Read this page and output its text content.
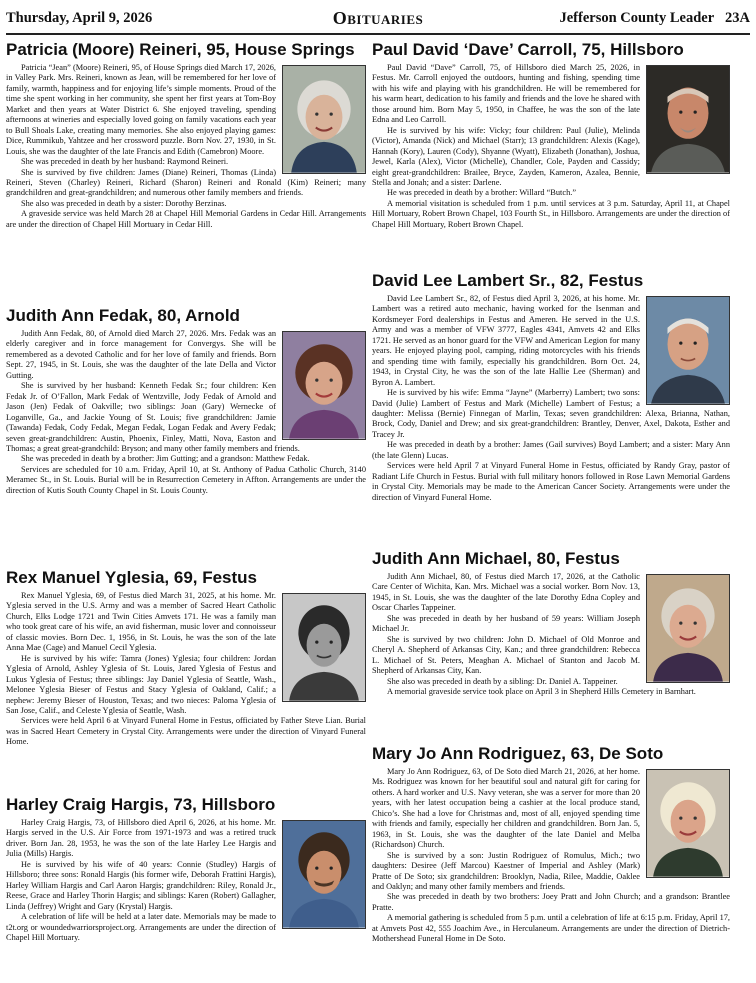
Thursday, April 9, 2026	Obituaries	Jefferson County Leader 23A
Patricia (Moore) Reineri, 95, House Springs

Patricia “Jean” (Moore) Reineri, 95, of House Springs died March 17, 2026, in Valley Park. Mrs. Reineri, known as Jean, will be remembered for her love of family, warmth, happiness and for enjoying life’s simple moments. Proud of the time she spent working in her community, she spent her first years at Tom-Boy Market and then years at Water District 6. She enjoyed traveling, spending afternoons at wineries and especially loved going on family vacations each year to Bull Shoals Lake, creating many memories. She also enjoyed playing games: Dice, Rummikub, Yahtzee and her crossword puzzle. Born Nov. 27, 1930, in St. Louis, she was the daughter of the late Francis and Edith (Camebron) Moore.

She was preceded in death by her husband: Raymond Reineri.

She is survived by five children: James (Diane) Reineri, Thomas (Linda) Reineri, Steven (Charley) Reineri, Richard (Sharon) Reineri and Ronald (Kim) Reineri; many grandchildren and great-grandchildren; and numerous other family members and friends.

She also was preceded in death by a sister: Dorothy Berzinas.

A graveside service was held March 28 at Chapel Hill Memorial Gardens in Cedar Hill. Arrangements are under the direction of Chapel Hill Mortuary in Cedar Hill.

Judith Ann Fedak, 80, Arnold

Judith Ann Fedak, 80, of Arnold died March 27, 2026. Mrs. Fedak was an elderly caregiver and in force management for Convergys. She will be remembered as a devoted Catholic and for her love of family and friends. Born Sept. 27, 1945, in St. Louis, she was the daughter of the late Della and Victor Gutting.

She is survived by her husband: Kenneth Fedak Sr.; four children: Ken Fedak Jr. of O’Fallon, Mark Fedak of Wentzville, Jody Fedak of Arnold and Jason (Jen) Fedak of Oakville; two siblings: Joan (Gary) Wernecke of Loganville, Ga., and Jackie Young of St. Louis; five grandchildren: Jamie (Tawanda) Fedak, Cody Fedak, Megan Fedak, Logan Fedak and Avery Fedak; seven great-grandchildren: Austin, Phoenix, Finley, Matti, Nova, Easton and Thomas; a great great-grandchild: Bryson; and many other family members and friends.

She was preceded in death by a brother: Jim Gutting; and a grandson: Matthew Fedak.

Services are scheduled for 10 a.m. Friday, April 10, at St. Anthony of Padua Catholic Church, 3140 Meramec St., in St. Louis. Burial will be in Resurrection Cemetery in Affton. Arrangements are under the direction of Kutis South County Chapel in St. Louis County.

Rex Manuel Yglesia, 69, Festus

Rex Manuel Yglesia, 69, of Festus died March 31, 2025, at his home. Mr. Yglesia served in the U.S. Army and was a member of Sacred Heart Catholic Church, Elks Lodge 1721 and Twin Cities Amvets 171. He was a family man who took great care of his wife, an avid fisherman, music lover and connoisseur of classic movies. Born Dec. 1, 1956, in St. Louis, he was the son of the late Anna Mae (Cage) and Manuel Cecil Yglesia.

He is survived by his wife: Tamra (Jones) Yglesia; four children: Jordan Yglesia of Arnold, Ashley Yglesia of St. Louis, Jared Yglesia of Festus and Lukus Yglesia of Festus; three siblings: Jay Daniel Yglesia of Seattle, Wash., Melonee Yglesia Bieser of Festus and Stacy Yglesia of Oakland, Calif.; a nephew: Jeremy Bieser of Houston, Texas; and two nieces: Paloma Yglesia of San Jose, Calif., and Celeste Yglesia of Seattle, Wash.

Services were held April 6 at Vinyard Funeral Home in Festus, officiated by Father Steve Lian. Burial was in Sacred Heart Cemetery in Crystal City. Arrangements were under the direction of Vinyard Funeral Home.

Harley Craig Hargis, 73, Hillsboro

Harley Craig Hargis, 73, of Hillsboro died April 6, 2026, at his home. Mr. Hargis served in the U.S. Air Force from 1971-1973 and was a retired truck driver. Born Jan. 28, 1953, he was the son of the late Harley Lee Hargis and Julia (Mills) Hargis.

He is survived by his wife of 40 years: Connie (Studley) Hargis of Hillsboro; three sons: Ronald Hargis (his former wife, Deborah Frattini Hargis), Harley William Hargis and Carl Aaron Hargis; grandchildren: Riley, Ronald Jr., Reese, Grace and Harley Thorin Hargis; and siblings: Karen (Robert) Gallagher, Linda (Jeffrey) Wright and Gary (Krystal) Hargis.

A celebration of life will be held at a later date. Memorials may be made to t2t.org or woundedwarriorsproject.org. Arrangements are under the direction of Chapel Hill Mortuary.

Paul David ‘Dave’ Carroll, 75, Hillsboro

Paul David “Dave” Carroll, 75, of Hillsboro died March 25, 2026, in Festus. Mr. Carroll enjoyed the outdoors, hunting and fishing, spending time with his wife and playing with his grandchildren. He will be remembered for his warm heart, dedication to his family and friends and the love he shared with those around him. Born May 5, 1950, in Chaffee, he was the son of the late Edna and Leo Carroll.

He is survived by his wife: Vicky; four children: Paul (Julie), Melinda (Victor), Amanda (Nick) and Michael (Starr); 13 grandchildren: Alexis (Kage), Hannah (Kory), Lauren (Cody), Shyanne (Wyatt), Elizabeth (Jonathan), Joshua, Jewel, Karla (Alex), Victor (Michelle), Chandler, Cole, Payden and Cassidy; eight great-grandchildren: Brailee, Bryce, Zayden, Kameron, Azalea, Bennie, Stella and Jonah; and a sister: Darlene.

He was preceded in death by a brother: Willard “Butch.”

A memorial visitation is scheduled from 1 p.m. until services at 3 p.m. Saturday, April 11, at Chapel Hill Mortuary, Robert Brown Chapel, 103 Fourth St., in Hillsboro. Arrangements are under the direction of Chapel Hill Mortuary, Robert Brown Chapel.

David Lee Lambert Sr., 82, Festus

David Lee Lambert Sr., 82, of Festus died April 3, 2026, at his home. Mr. Lambert was a retired auto mechanic, having worked for the Isenman and Kordsmeyer Ford dealerships in Festus and Ameren. He served in the U.S. Army and was a member of VFW 3777, Eagles 4341, Amvets 42 and Elks 1721. He served as an honor guard for the VFW and American Legion for many years. He enjoyed playing pool, camping, riding motorcycles with his friends and spending time with family, especially his grandchildren. Born Oct. 24, 1943, in Crystal City, he was the son of the late Hallie Lee (Sherman) and Byron A. Lambert.

He is survived by his wife: Emma “Jayne” (Marberry) Lambert; two sons: David (Julie) Lambert of Festus and Mark (Michelle) Lambert of Festus; a daughter: Melissa (Bernie) Finnegan of Marlin, Texas; seven grandchildren: Alexa, Brianna, Nathan, Brock, Cody, Daniel and Drew; and six great-grandchildren: Brantley, Denver, Axel, Dakota, Esther and Tracey Jr.

He was preceded in death by a brother: James (Gail survives) Boyd Lambert; and a sister: Mary Ann (the late Glenn) Lucas.

Services were held April 7 at Vinyard Funeral Home in Festus, officiated by Randy Gray, pastor of Radiant Life Church in Festus. Burial with full military honors followed in Rose Lawn Memorial Gardens in Crystal City. Memorials may be made to the American Cancer Society. Arrangements were under the direction of Vinyard Funeral Home.

Judith Ann Michael, 80, Festus

Judith Ann Michael, 80, of Festus died March 17, 2026, at the Catholic Care Center of Wichita, Kan. Mrs. Michael was a social worker. Born Nov. 13, 1945, in St. Louis, she was the daughter of the late Dorothy Edna Copley and Oscar Charles Tappeiner.

She was preceded in death by her husband of 59 years: William Joseph Michael Jr.

She is survived by two children: John D. Michael of Old Monroe and Cheryl A. Shepherd of Arkansas City, Kan.; and three grandchildren: Rebecca L. Michael of St. Peters, Meaghan A. Michael of Stanton and Jacob M. Shepherd of Arkansas City, Kan.

She also was preceded in death by a sibling: Dr. Daniel A. Tappeiner.

A memorial graveside service took place on April 3 in Shepherd Hills Cemetery in Barnhart.

Mary Jo Ann Rodriguez, 63, De Soto

Mary Jo Ann Rodriguez, 63, of De Soto died March 21, 2026, at her home. Ms. Rodriguez was known for her beautiful soul and natural gift for caring for others. A hard worker and U.S. Navy veteran, she was a server for more than 20 years, with her latest occupation being a cashier at the local produce stand, Chico’s. She had a love for Christmas and, most of all, enjoyed spending time with friends and family, especially her children and grandchildren. Born Jan. 5, 1963, in St. Louis, she was the daughter of the late Daniel and Melba (Richardson) Church.

She is survived by a son: Justin Rodriguez of Romulus, Mich.; two daughters: Desiree (Jeff Marcou) Kaestner of Imperial and Ashley (Mark) Pratte of De Soto; six grandchildren: Brooklyn, Nadia, Rilee, Maddie, Oaklee and Oaklyn; and many other family members and friends.

She was preceded in death by two brothers: Joey Pratt and John Church; and a grandson: Brantlee Pratte.

A memorial gathering is scheduled from 5 p.m. until a celebration of life at 6:15 p.m. Friday, April 17, at Amvets Post 42, 555 Joachim Ave., in Herculaneum. Arrangements are under the direction of Dietrich-Mothershead Funeral Home in De Soto.
